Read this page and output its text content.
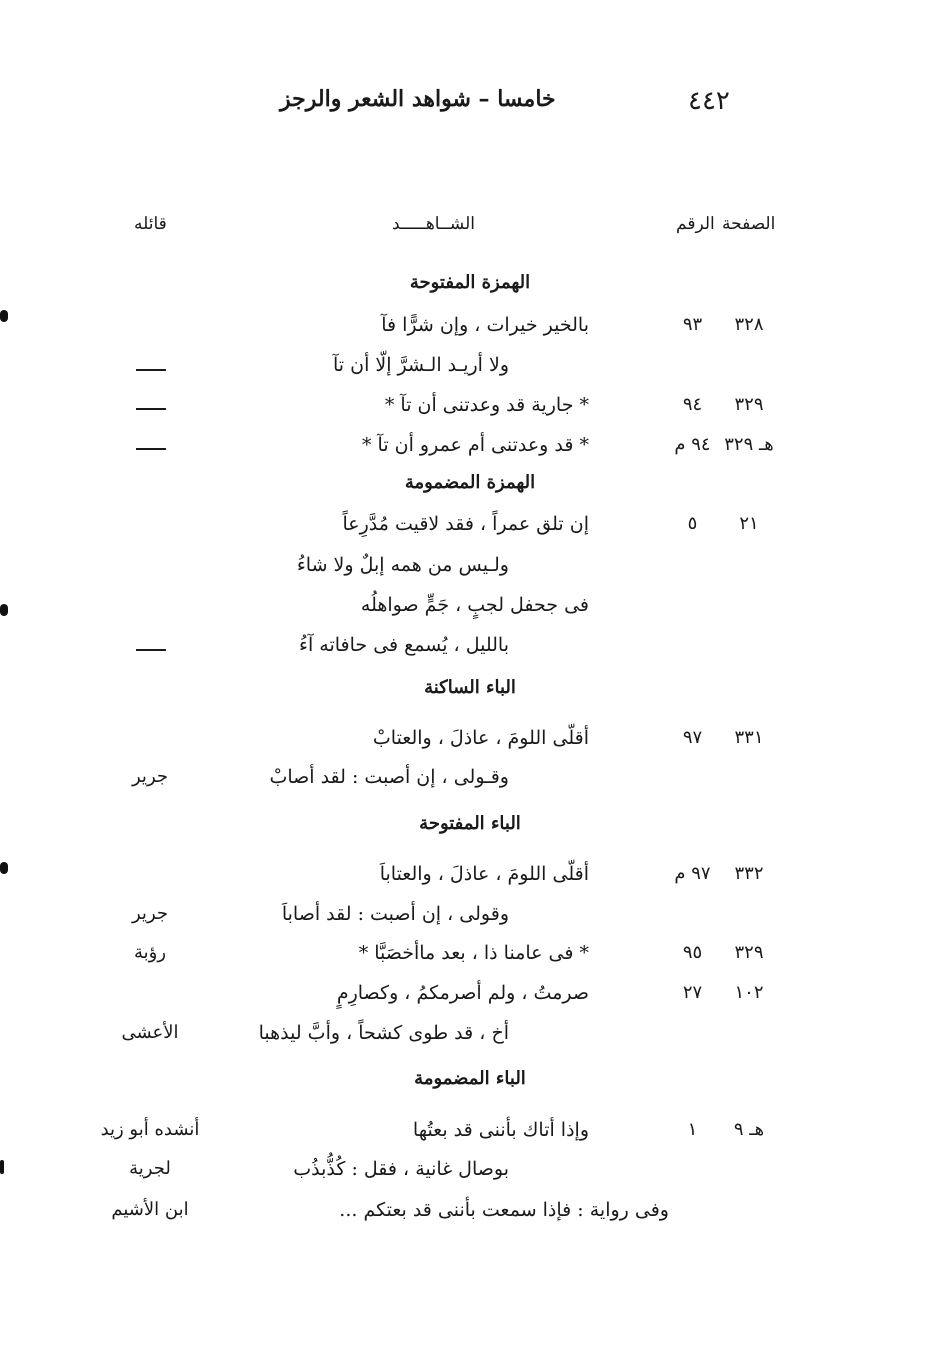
٤٤٢
خامسا – شواهد الشعر والرجز
الصفحة
الرقم
الشــاهـــــد
قائله
الهمزة المفتوحة
الهمزة المضمومة
الباء الساكنة
الباء المفتوحة
الباء المضمومة
٣٢٨
٩٣
بالخير خيرات ، وإن شرًّا فآ
ولا أريـد الـشرَّ إلّا أن تآ
٣٢٩
٩٤
* جارية قد وعدتنى أن تآ *
هـ ٣٢٩
٩٤ م
* قد وعدتنى أم عمرو أن تآ *
٢١
٥
إن تلق عمراً ، فقد لاقيت مُدَّرِعاً
ولـيس من همه إبلٌ ولا شاءُ
فى جحفل لجبٍ ، جَمٍّ صواهلُه
بالليل ، يُسمع فى حافاته آءُ
٣٣١
٩٧
أقلّى اللومَ ، عاذلَ ، والعتابْ
وقـولى ، إن أصبت : لقد أصابْ
جرير
٣٣٢
٩٧ م
أقلّى اللومَ ، عاذلَ ، والعتاباَ
وقولى ، إن أصبت : لقد أصاباَ
جرير
٣٢٩
٩٥
* فى عامنا ذا ، بعد ماأخصَبَّا *
رؤبة
١٠٢
٢٧
صرمتُ ، ولم أصرمكمُ ، وكصارِمٍ
أخ ، قد طوى كشحاً ، وأبَّ ليذهبا
الأعشى
هـ ٩
١
وإذا أتاك بأننى قد بعتُها
أنشده أبو زيد
بوصال غانية ، فقل : كُذُّبذُب
لجرية
وفى رواية : فإذا سمعت بأننى قد بعتكم ...
ابن الأشيم
